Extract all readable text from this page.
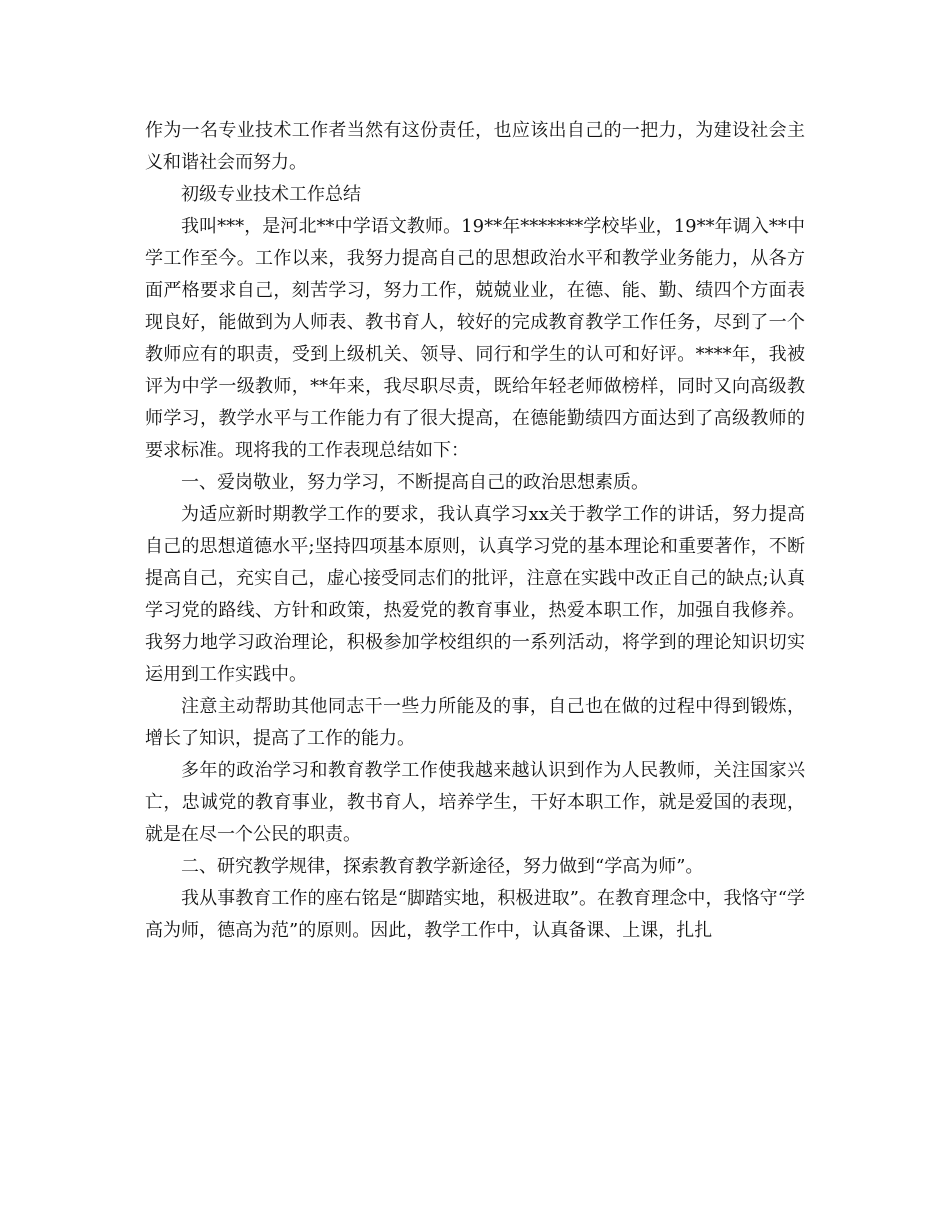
作为一名专业技术工作者当然有这份责任，也应该出自己的一把力，为建设社会主义和谐社会而努力。

初级专业技术工作总结

我叫***，是河北**中学语文教师。19**年*******学校毕业，19**年调入**中学工作至今。工作以来，我努力提高自己的思想政治水平和教学业务能力，从各方面严格要求自己，刻苦学习，努力工作，兢兢业业，在德、能、勤、绩四个方面表现良好，能做到为人师表、教书育人，较好的完成教育教学工作任务，尽到了一个教师应有的职责，受到上级机关、领导、同行和学生的认可和好评。****年，我被评为中学一级教师，**年来，我尽职尽责，既给年轻老师做榜样，同时又向高级教师学习，教学水平与工作能力有了很大提高，在德能勤绩四方面达到了高级教师的要求标准。现将我的工作表现总结如下：

一、爱岗敬业，努力学习，不断提高自己的政治思想素质。

为适应新时期教学工作的要求，我认真学习xx关于教学工作的讲话，努力提高自己的思想道德水平;坚持四项基本原则，认真学习党的基本理论和重要著作，不断提高自己，充实自己，虚心接受同志们的批评，注意在实践中改正自己的缺点;认真学习党的路线、方针和政策，热爱党的教育事业，热爱本职工作，加强自我修养。我努力地学习政治理论，积极参加学校组织的一系列活动，将学到的理论知识切实运用到工作实践中。

注意主动帮助其他同志干一些力所能及的事，自己也在做的过程中得到锻炼，增长了知识，提高了工作的能力。

多年的政治学习和教育教学工作使我越来越认识到作为人民教师，关注国家兴亡，忠诚党的教育事业，教书育人，培养学生，干好本职工作，就是爱国的表现，就是在尽一个公民的职责。

二、研究教学规律，探索教育教学新途径，努力做到“学高为师”。

我从事教育工作的座右铭是“脚踏实地，积极进取”。在教育理念中，我恪守“学高为师，德高为范”的原则。因此，教学工作中，认真备课、上课，扎扎
